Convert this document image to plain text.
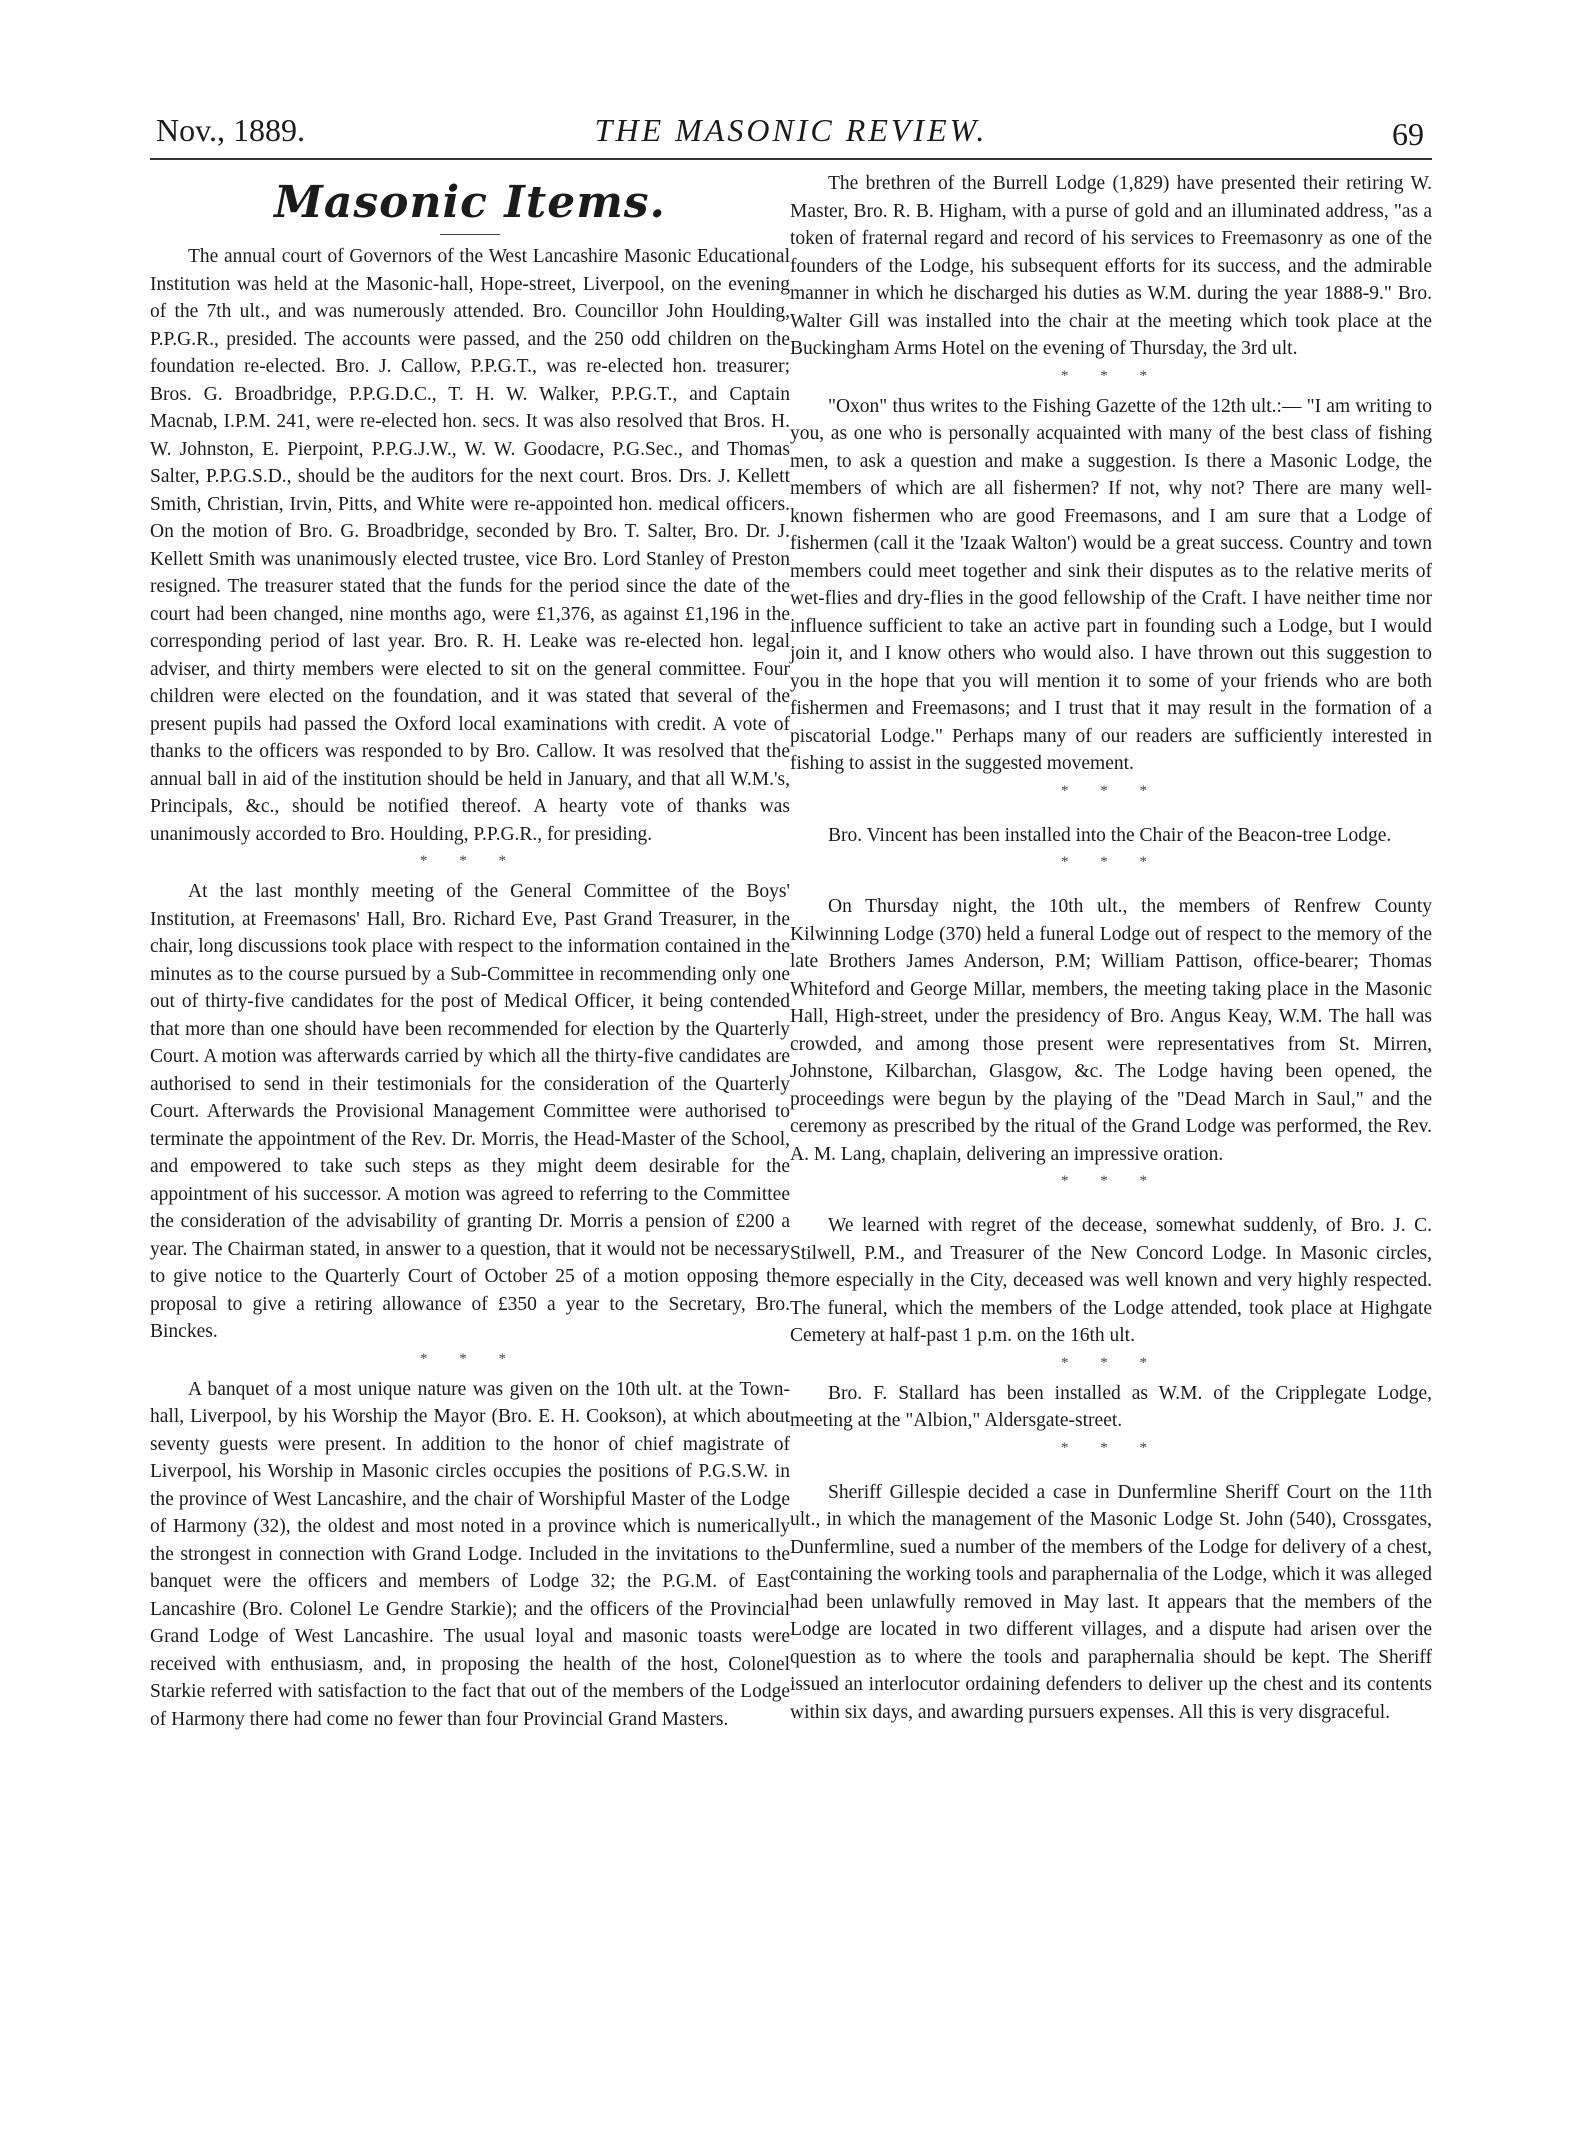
Nov., 1889.	THE MASONIC REVIEW.	69
Masonic Items.

The annual court of Governors of the West Lancashire Masonic Educational Institution was held at the Masonic-hall, Hope-street, Liverpool, on the evening of the 7th ult., and was numerously attended. Bro. Councillor John Houlding, P.P.G.R., presided. The accounts were passed, and the 250 odd children on the foundation re-elected. Bro. J. Callow, P.P.G.T., was re-elected hon. treasurer; Bros. G. Broadbridge, P.P.G.D.C., T. H. W. Walker, P.P.G.T., and Captain Macnab, I.P.M. 241, were re-elected hon. secs. It was also resolved that Bros. H. W. Johnston, E. Pierpoint, P.P.G.J.W., W. W. Goodacre, P.G.Sec., and Thomas Salter, P.P.G.S.D., should be the auditors for the next court. Bros. Drs. J. Kellett Smith, Christian, Irvin, Pitts, and White were re-appointed hon. medical officers. On the motion of Bro. G. Broadbridge, seconded by Bro. T. Salter, Bro. Dr. J. Kellett Smith was unanimously elected trustee, vice Bro. Lord Stanley of Preston resigned. The treasurer stated that the funds for the period since the date of the court had been changed, nine months ago, were £1,376, as against £1,196 in the corresponding period of last year. Bro. R. H. Leake was re-elected hon. legal adviser, and thirty members were elected to sit on the general committee. Four children were elected on the foundation, and it was stated that several of the present pupils had passed the Oxford local examinations with credit. A vote of thanks to the officers was responded to by Bro. Callow. It was resolved that the annual ball in aid of the institution should be held in January, and that all W.M.'s, Principals, &c., should be notified thereof. A hearty vote of thanks was unanimously accorded to Bro. Houlding, P.P.G.R., for presiding.

* * *

At the last monthly meeting of the General Committee of the Boys' Institution, at Freemasons' Hall, Bro. Richard Eve, Past Grand Treasurer, in the chair, long discussions took place with respect to the information contained in the minutes as to the course pursued by a Sub-Committee in recommending only one out of thirty-five candidates for the post of Medical Officer, it being contended that more than one should have been recommended for election by the Quarterly Court. A motion was afterwards carried by which all the thirty-five candidates are authorised to send in their testimonials for the consideration of the Quarterly Court. Afterwards the Provisional Management Committee were authorised to terminate the appointment of the Rev. Dr. Morris, the Head-Master of the School, and empowered to take such steps as they might deem desirable for the appointment of his successor. A motion was agreed to referring to the Committee the consideration of the advisability of granting Dr. Morris a pension of £200 a year. The Chairman stated, in answer to a question, that it would not be necessary to give notice to the Quarterly Court of October 25 of a motion opposing the proposal to give a retiring allowance of £350 a year to the Secretary, Bro. Binckes.

* * *

A banquet of a most unique nature was given on the 10th ult. at the Town-hall, Liverpool, by his Worship the Mayor (Bro. E. H. Cookson), at which about seventy guests were present. In addition to the honor of chief magistrate of Liverpool, his Worship in Masonic circles occupies the positions of P.G.S.W. in the province of West Lancashire, and the chair of Worshipful Master of the Lodge of Harmony (32), the oldest and most noted in a province which is numerically the strongest in connection with Grand Lodge. Included in the invitations to the banquet were the officers and members of Lodge 32; the P.G.M. of East Lancashire (Bro. Colonel Le Gendre Starkie); and the officers of the Provincial Grand Lodge of West Lancashire. The usual loyal and masonic toasts were received with enthusiasm, and, in proposing the health of the host, Colonel Starkie referred with satisfaction to the fact that out of the members of the Lodge of Harmony there had come no fewer than four Provincial Grand Masters.

The brethren of the Burrell Lodge (1,829) have presented their retiring W. Master, Bro. R. B. Higham, with a purse of gold and an illuminated address, "as a token of fraternal regard and record of his services to Freemasonry as one of the founders of the Lodge, his subsequent efforts for its success, and the admirable manner in which he discharged his duties as W.M. during the year 1888-9." Bro. Walter Gill was installed into the chair at the meeting which took place at the Buckingham Arms Hotel on the evening of Thursday, the 3rd ult.

* * *

"Oxon" thus writes to the Fishing Gazette of the 12th ult.:— "I am writing to you, as one who is personally acquainted with many of the best class of fishing men, to ask a question and make a suggestion. Is there a Masonic Lodge, the members of which are all fishermen? If not, why not? There are many well-known fishermen who are good Freemasons, and I am sure that a Lodge of fishermen (call it the 'Izaak Walton') would be a great success. Country and town members could meet together and sink their disputes as to the relative merits of wet-flies and dry-flies in the good fellowship of the Craft. I have neither time nor influence sufficient to take an active part in founding such a Lodge, but I would join it, and I know others who would also. I have thrown out this suggestion to you in the hope that you will mention it to some of your friends who are both fishermen and Freemasons; and I trust that it may result in the formation of a piscatorial Lodge." Perhaps many of our readers are sufficiently interested in fishing to assist in the suggested movement.

* * *

Bro. Vincent has been installed into the Chair of the Beacon-tree Lodge.

* * *

On Thursday night, the 10th ult., the members of Renfrew County Kilwinning Lodge (370) held a funeral Lodge out of respect to the memory of the late Brothers James Anderson, P.M; William Pattison, office-bearer; Thomas Whiteford and George Millar, members, the meeting taking place in the Masonic Hall, High-street, under the presidency of Bro. Angus Keay, W.M. The hall was crowded, and among those present were representatives from St. Mirren, Johnstone, Kilbarchan, Glasgow, &c. The Lodge having been opened, the proceedings were begun by the playing of the "Dead March in Saul," and the ceremony as prescribed by the ritual of the Grand Lodge was performed, the Rev. A. M. Lang, chaplain, delivering an impressive oration.

* * *

We learned with regret of the decease, somewhat suddenly, of Bro. J. C. Stilwell, P.M., and Treasurer of the New Concord Lodge. In Masonic circles, more especially in the City, deceased was well known and very highly respected. The funeral, which the members of the Lodge attended, took place at Highgate Cemetery at half-past 1 p.m. on the 16th ult.

* * *

Bro. F. Stallard has been installed as W.M. of the Cripplegate Lodge, meeting at the "Albion," Aldersgate-street.

* * *

Sheriff Gillespie decided a case in Dunfermline Sheriff Court on the 11th ult., in which the management of the Masonic Lodge St. John (540), Crossgates, Dunfermline, sued a number of the members of the Lodge for delivery of a chest, containing the working tools and paraphernalia of the Lodge, which it was alleged had been unlawfully removed in May last. It appears that the members of the Lodge are located in two different villages, and a dispute had arisen over the question as to where the tools and paraphernalia should be kept. The Sheriff issued an interlocutor ordaining defenders to deliver up the chest and its contents within six days, and awarding pursuers expenses. All this is very disgraceful.
